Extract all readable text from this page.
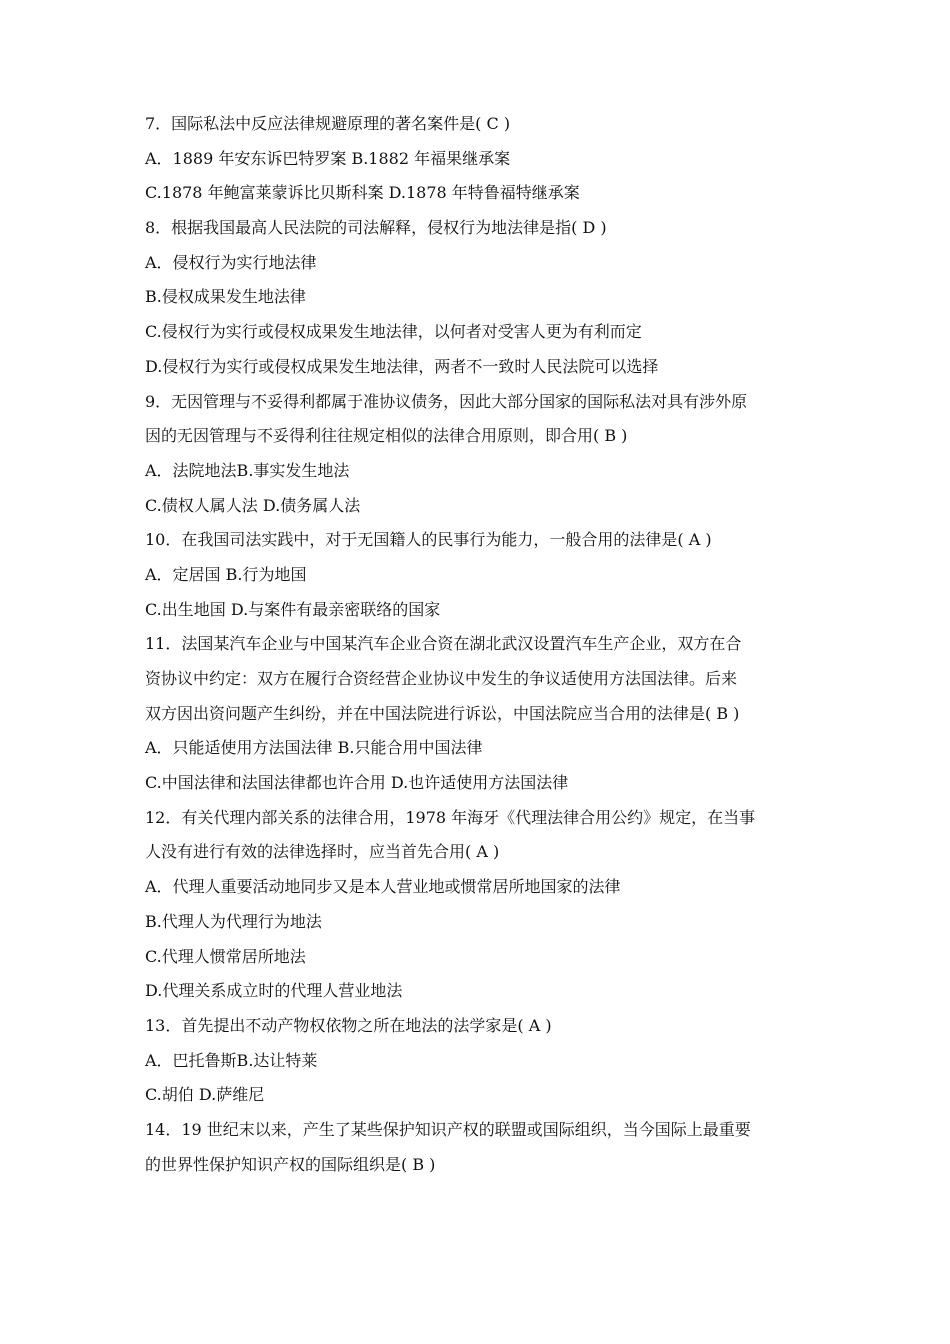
7．国际私法中反应法律规避原理的著名案件是( C )
A．1889 年安东诉巴特罗案 B.1882 年福果继承案
C.1878 年鲍富莱蒙诉比贝斯科案 D.1878 年特鲁福特继承案
8．根据我国最高人民法院的司法解释，侵权行为地法律是指( D )
A．侵权行为实行地法律
B.侵权成果发生地法律
C.侵权行为实行或侵权成果发生地法律，以何者对受害人更为有利而定
D.侵权行为实行或侵权成果发生地法律，两者不一致时人民法院可以选择
9．无因管理与不妥得利都属于准协议债务，因此大部分国家的国际私法对具有涉外原
因的无因管理与不妥得利往往规定相似的法律合用原则，即合用( B )
A．法院地法B.事实发生地法
C.债权人属人法 D.债务属人法
10．在我国司法实践中，对于无国籍人的民事行为能力，一般合用的法律是( A )
A．定居国 B.行为地国
C.出生地国 D.与案件有最亲密联络的国家
11．法国某汽车企业与中国某汽车企业合资在湖北武汉设置汽车生产企业，双方在合
资协议中约定：双方在履行合资经营企业协议中发生的争议适使用方法国法律。后来
双方因出资问题产生纠纷，并在中国法院进行诉讼，中国法院应当合用的法律是( B )
A．只能适使用方法国法律 B.只能合用中国法律
C.中国法律和法国法律都也许合用 D.也许适使用方法国法律
12．有关代理内部关系的法律合用，1978 年海牙《代理法律合用公约》规定，在当事
人没有进行有效的法律选择时，应当首先合用( A )
A．代理人重要活动地同步又是本人营业地或惯常居所地国家的法律
B.代理人为代理行为地法
C.代理人惯常居所地法
D.代理关系成立时的代理人营业地法
13．首先提出不动产物权依物之所在地法的法学家是( A )
A．巴托鲁斯B.达让特莱
C.胡伯 D.萨维尼
14．19 世纪末以来，产生了某些保护知识产权的联盟或国际组织，当今国际上最重要
的世界性保护知识产权的国际组织是( B )
